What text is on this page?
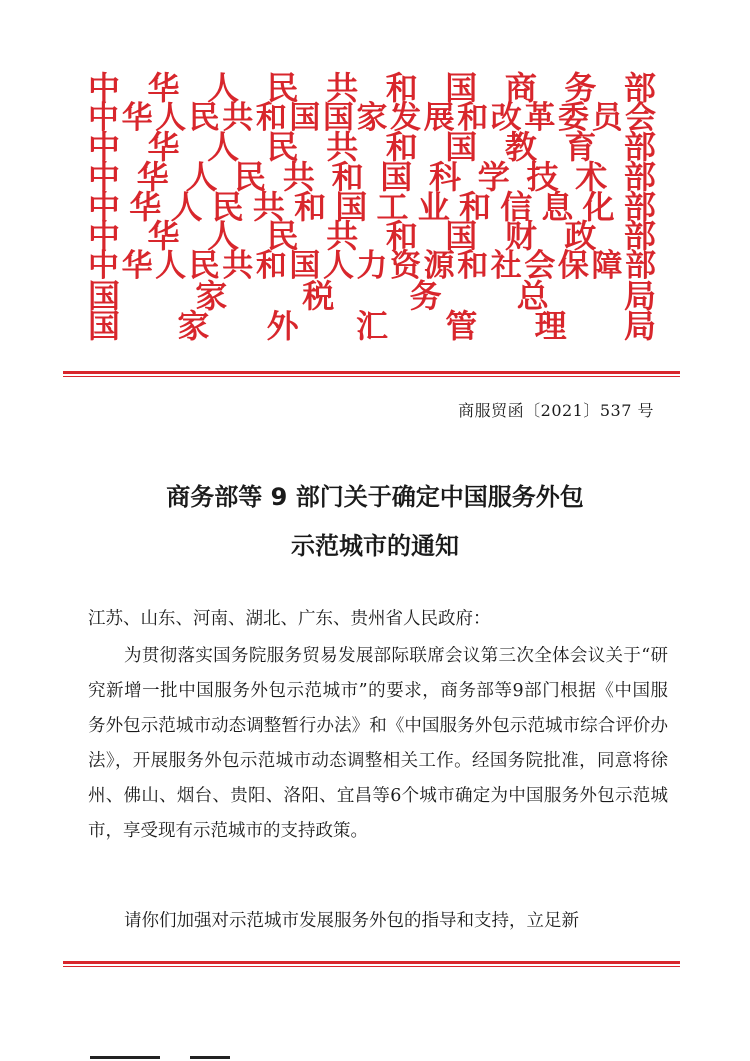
中 华 人 民 共 和 国 商 务 部
中 华 人 民 共 和 国 国 家 发 展 和 改 革 委 员 会
中 华 人 民 共 和 国 教 育 部
中 华 人 民 共 和 国 科 学 技 术 部
中 华 人 民 共 和 国 工 业 和 信 息 化 部
中 华 人 民 共 和 国 财 政 部
中 华 人 民 共 和 国 人 力 资 源 和 社 会 保 障 部
国 家 税 务 总 局
国 家 外 汇 管 理 局
商服贸函〔2021〕537 号
商务部等 9 部门关于确定中国服务外包
示范城市的通知
江苏、山东、河南、湖北、广东、贵州省人民政府：
为贯彻落实国务院服务贸易发展部际联席会议第三次全体会议关于“研究新增一批中国服务外包示范城市”的要求，商务部等9部门根据《中国服务外包示范城市动态调整暂行办法》和《中国服务外包示范城市综合评价办法》，开展服务外包示范城市动态调整相关工作。经国务院批准，同意将徐州、佛山、烟台、贵阳、洛阳、宜昌等6个城市确定为中国服务外包示范城市，享受现有示范城市的支持政策。
请你们加强对示范城市发展服务外包的指导和支持，立足新
